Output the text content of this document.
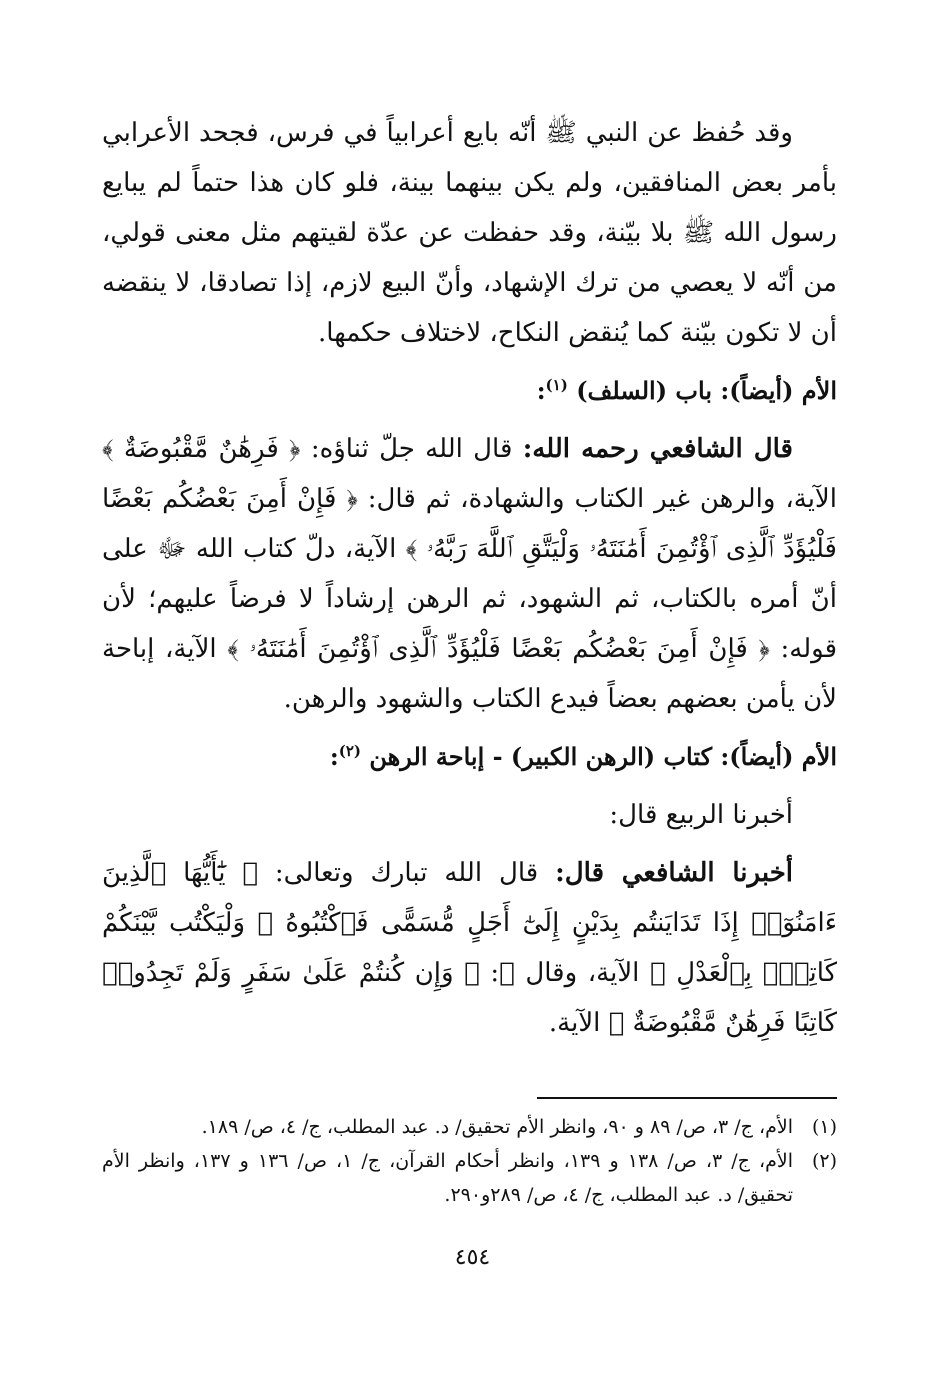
وقد حُفظ عن النبي ﷺ أنّه بايع أعرابياً في فرس، فجحد الأعرابي بأمر بعض المنافقين، ولم يكن بينهما بينة، فلو كان هذا حتماً لم يبايع رسول الله ﷺ بلا بيّنة، وقد حفظت عن عدّة لقيتهم مثل معنى قولي، من أنّه لا يعصي من ترك الإشهاد، وأنّ البيع لازم، إذا تصادقا، لا ينقضه أن لا تكون بيّنة كما يُنقض النكاح، لاختلاف حكمها.

الأم (أيضاً): باب (السلف) $^{(١)}$:

قال الشافعي رحمه الله: قال الله جلّ ثناؤه: ﴿ فَرِهَٰنٌ مَّقْبُوضَةٌ ﴾ الآية، والرهن غير الكتاب والشهادة، ثم قال: ﴿ فَإِنْ أَمِنَ بَعْضُكُم بَعْضًا فَلْيُؤَدِّ ٱلَّذِى ٱؤْتُمِنَ أَمَٰنَتَهُۥ وَلْيَتَّقِ ٱللَّهَ رَبَّهُۥ ﴾ الآية، دلّ كتاب الله ﷻ على أنّ أمره بالكتاب، ثم الشهود، ثم الرهن إرشاداً لا فرضاً عليهم؛ لأن قوله: ﴿ فَإِنْ أَمِنَ بَعْضُكُم بَعْضًا فَلْيُؤَدِّ ٱلَّذِى ٱؤْتُمِنَ أَمَٰنَتَهُۥ ﴾ الآية، إباحة لأن يأمن بعضهم بعضاً فيدع الكتاب والشهود والرهن.

الأم (أيضاً): كتاب (الرهن الكبير) - إباحة الرهن $^{(٢)}$:

أخبرنا الربيع قال:

أخبرنا الشافعي قال: قال الله تبارك وتعالى: ﴿ يَٰٓأَيُّهَا ٱلَّذِينَ ءَامَنُوٓا۟ إِذَا تَدَايَنتُم بِدَيْنٍ إِلَىٰٓ أَجَلٍ مُّسَمًّى فَٱكْتُبُوهُ ۚ وَلْيَكْتُب بَّيْنَكُمْ كَاتِبٌۢ بِٱلْعَدْلِ ﴾ الآية، وقال ﷻ: ﴿ وَإِن كُنتُمْ عَلَىٰ سَفَرٍ وَلَمْ تَجِدُوا۟ كَاتِبًا فَرِهَٰنٌ مَّقْبُوضَةٌ ﴾ الآية.

(١)
الأم، ج/ ٣، ص/ ٨٩ و ٩٠، وانظر الأم تحقيق/ د. عبد المطلب، ج/ ٤، ص/ ١٨٩.

(٢)
الأم، ج/ ٣، ص/ ١٣٨ و ١٣٩، وانظر أحكام القرآن، ج/ ١، ص/ ١٣٦ و ١٣٧، وانظر الأم تحقيق/ د. عبد المطلب، ج/ ٤، ص/ ٢٨٩و٢٩٠.

٤٥٤
